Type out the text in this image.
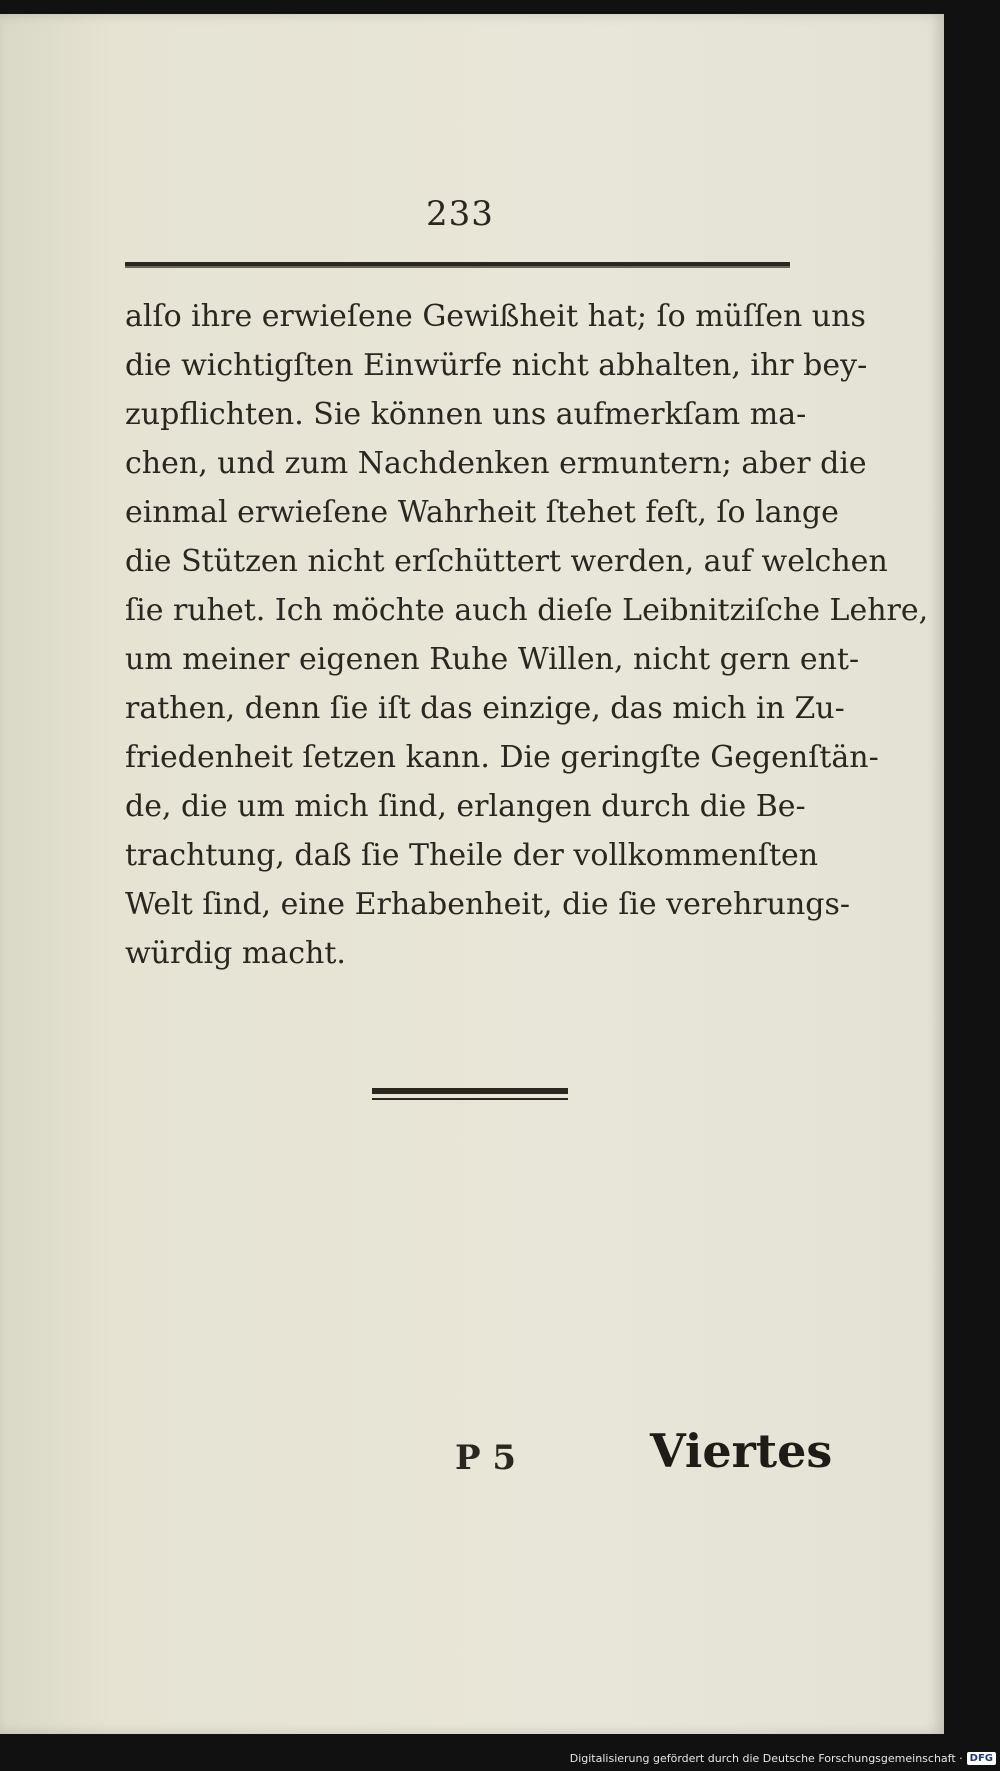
233
alſo ihre erwieſene Gewißheit hat; ſo müſſen uns
die wichtigſten Einwürfe nicht abhalten, ihr bey‑
zupflichten. Sie können uns aufmerkſam ma‑
chen, und zum Nachdenken ermuntern; aber die
einmal erwieſene Wahrheit ſtehet feſt, ſo lange
die Stützen nicht erſchüttert werden, auf welchen
ſie ruhet. Ich möchte auch dieſe Leibnitziſche Lehre,
um meiner eigenen Ruhe Willen, nicht gern ent‑
rathen, denn ſie iſt das einzige, das mich in Zu‑
friedenheit ſetzen kann. Die geringſte Gegenſtän‑
de, die um mich ſind, erlangen durch die Be‑
trachtung, daß ſie Theile der vollkommenſten
Welt ſind, eine Erhabenheit, die ſie verehrungs‑
würdig macht.
P 5	Viertes
Digitalisierung gefördert durch die Deutsche Forschungsgemeinschaft · DFG
